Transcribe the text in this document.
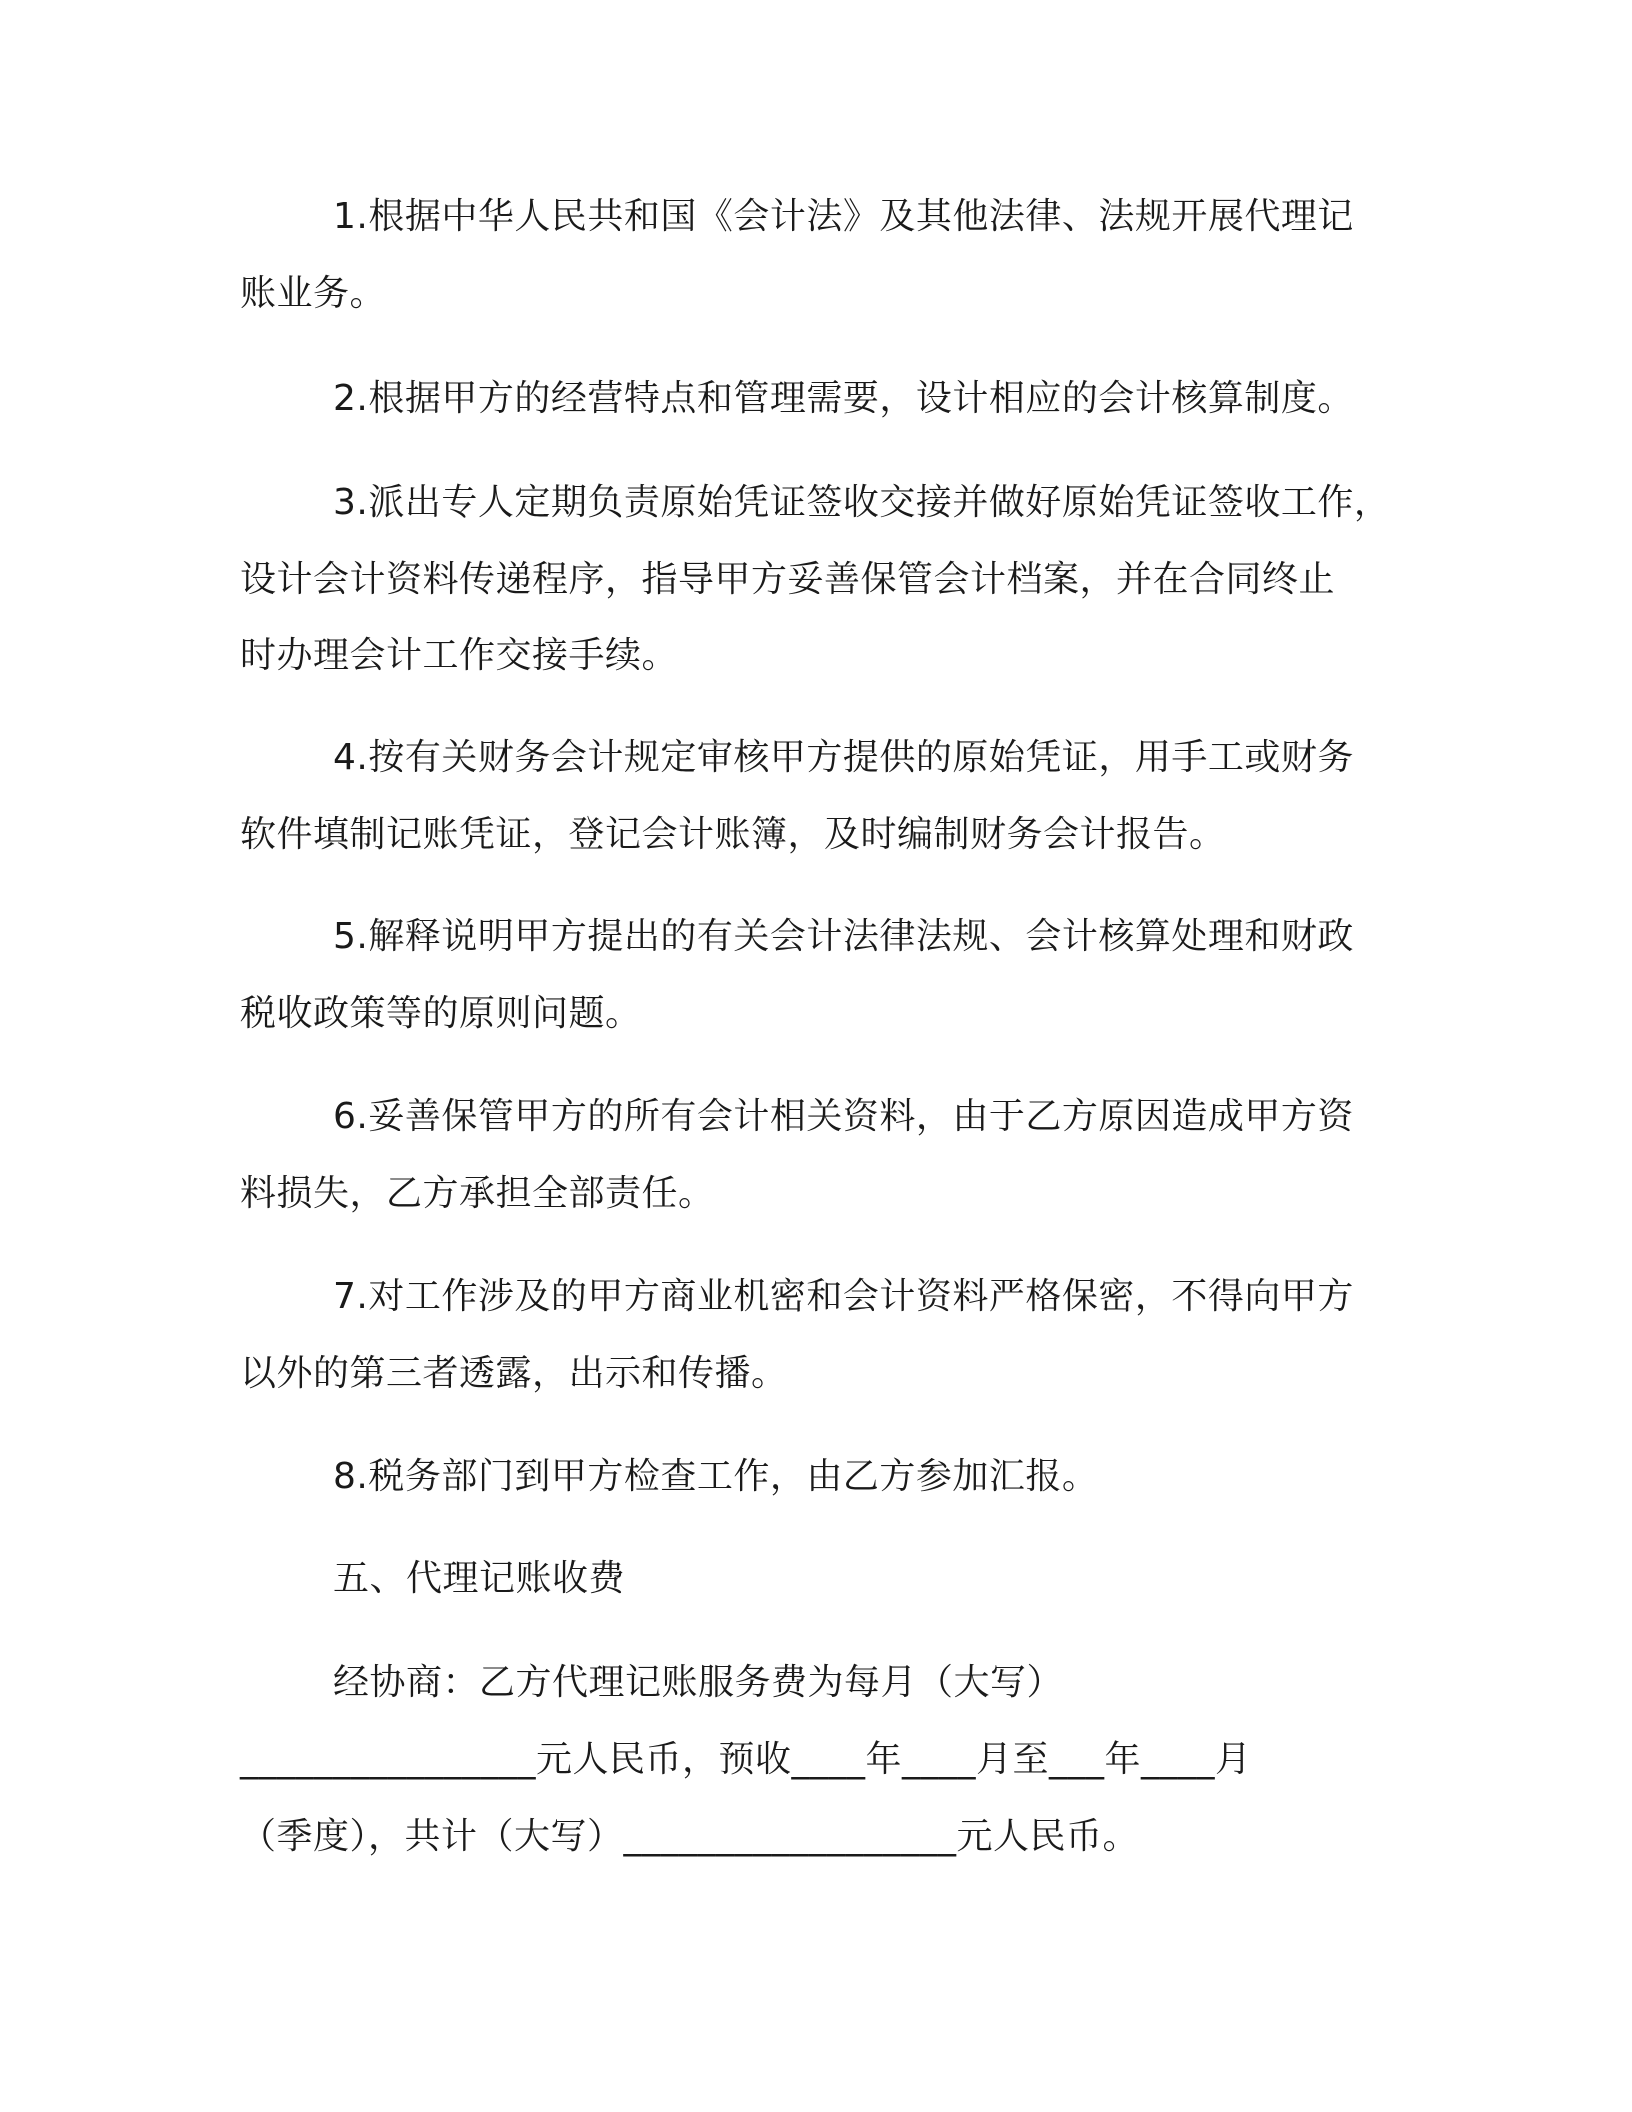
1.根据中华人民共和国《会计法》及其他法律、法规开展代理记
账业务。
2.根据甲方的经营特点和管理需要，设计相应的会计核算制度。
3.派出专人定期负责原始凭证签收交接并做好原始凭证签收工作，
设计会计资料传递程序，指导甲方妥善保管会计档案，并在合同终止
时办理会计工作交接手续。
4.按有关财务会计规定审核甲方提供的原始凭证，用手工或财务
软件填制记账凭证，登记会计账簿，及时编制财务会计报告。
5.解释说明甲方提出的有关会计法律法规、会计核算处理和财政
税收政策等的原则问题。
6.妥善保管甲方的所有会计相关资料，由于乙方原因造成甲方资
料损失，乙方承担全部责任。
7.对工作涉及的甲方商业机密和会计资料严格保密，不得向甲方
以外的第三者透露，出示和传播。
8.税务部门到甲方检查工作，由乙方参加汇报。
五、代理记账收费
经协商：乙方代理记账服务费为每月（大写）
________________元人民币，预收____年____月至___年____月
（季度），共计（大写）__________________元人民币。
